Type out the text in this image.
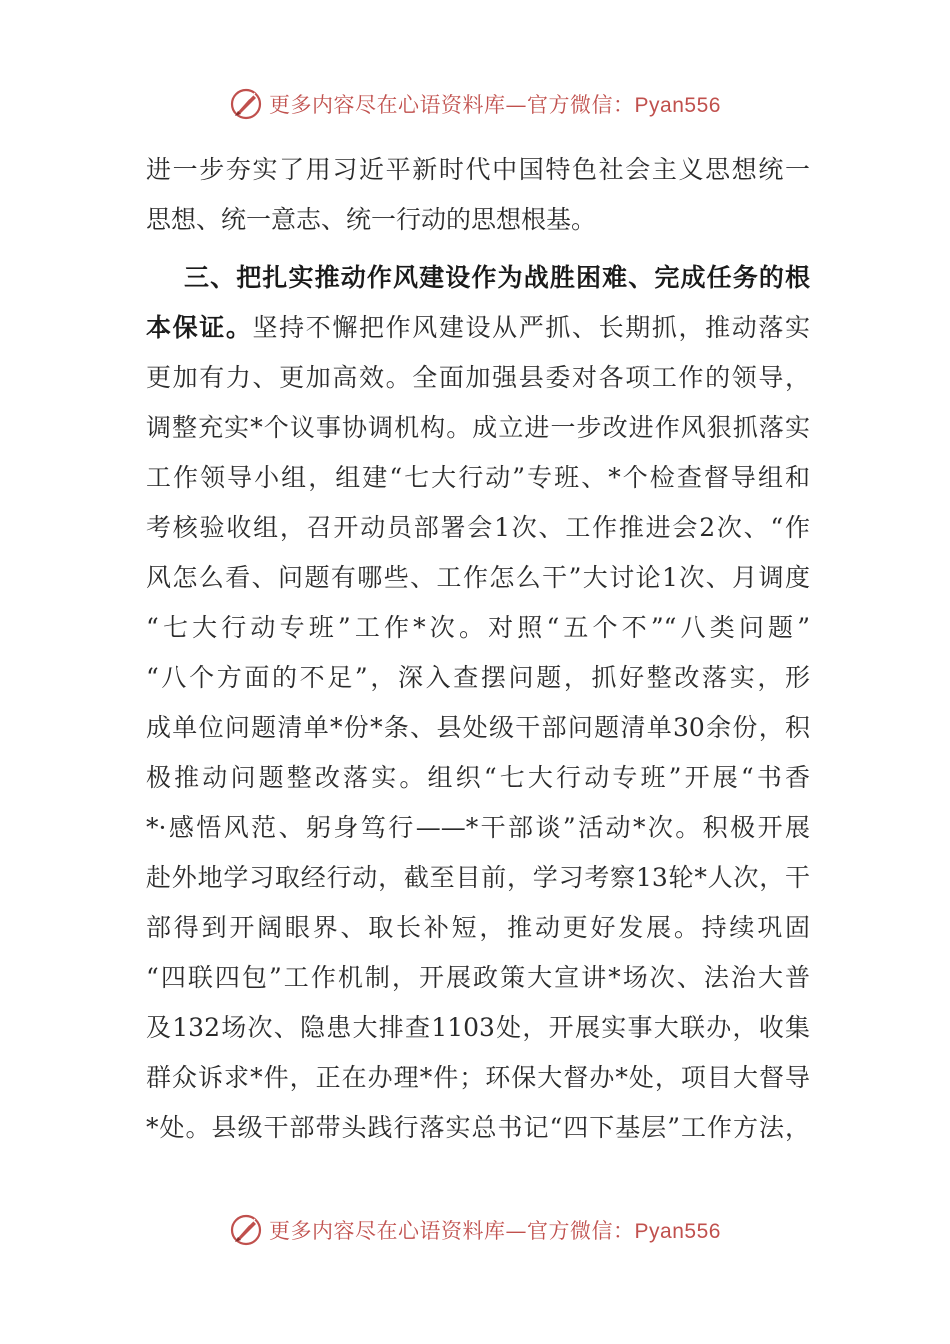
更多内容尽在心语资料库—官方微信：Pyan556
进一步夯实了用习近平新时代中国特色社会主义思想统一
思想、统一意志、统一行动的思想根基。
三、把扎实推动作风建设作为战胜困难、完成任务的根
本保证。坚持不懈把作风建设从严抓、长期抓，推动落实
更加有力、更加高效。全面加强县委对各项工作的领导，
调整充实*个议事协调机构。成立进一步改进作风狠抓落实
工作领导小组，组建“七大行动”专班、*个检查督导组和
考核验收组，召开动员部署会1次、工作推进会2次、“作
风怎么看、问题有哪些、工作怎么干”大讨论1次、月调度
“七大行动专班”工作*次。对照“五个不”“八类问题”
“八个方面的不足”，深入查摆问题，抓好整改落实，形
成单位问题清单*份*条、县处级干部问题清单30余份，积
极推动问题整改落实。组织“七大行动专班”开展“书香
*·感悟风范、躬身笃行——*干部谈”活动*次。积极开展
赴外地学习取经行动，截至目前，学习考察13轮*人次，干
部得到开阔眼界、取长补短，推动更好发展。持续巩固
“四联四包”工作机制，开展政策大宣讲*场次、法治大普
及132场次、隐患大排查1103处，开展实事大联办，收集
群众诉求*件，正在办理*件；环保大督办*处，项目大督导
*处。县级干部带头践行落实总书记“四下基层”工作方法，
更多内容尽在心语资料库—官方微信：Pyan556
